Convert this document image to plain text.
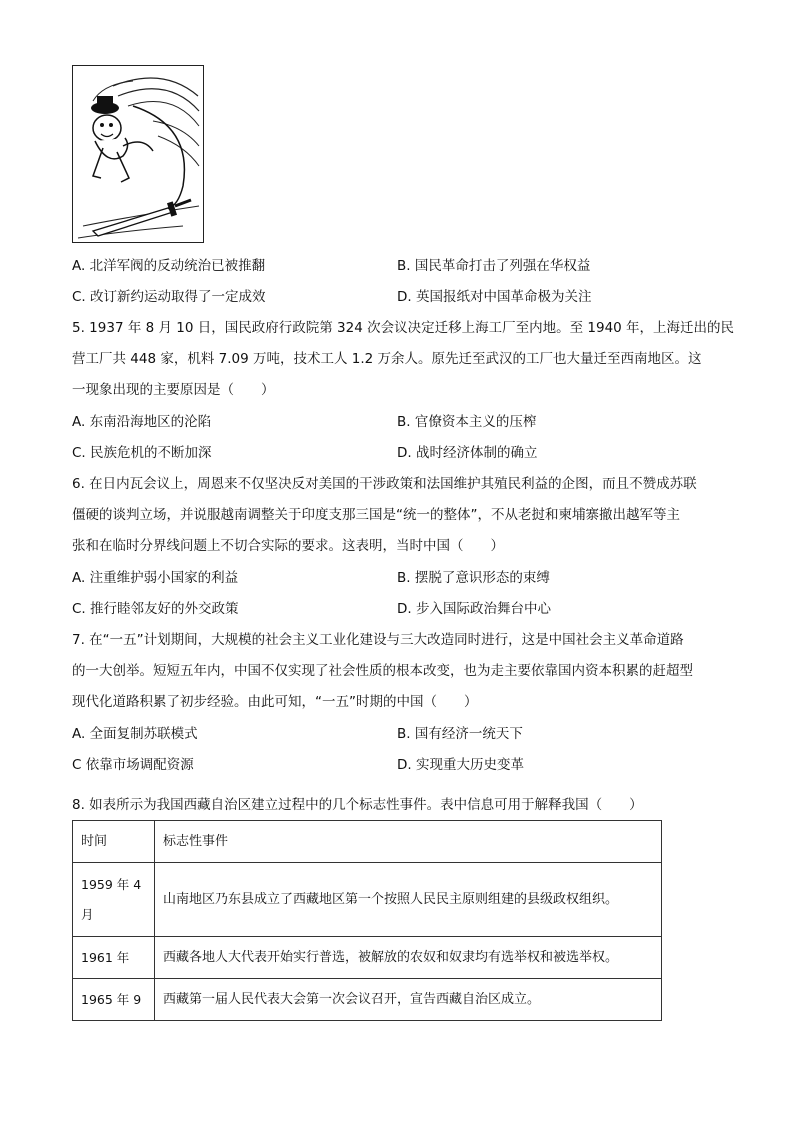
A. 北洋军阀的反动统治已被推翻	B. 国民革命打击了列强在华权益
C. 改订新约运动取得了一定成效	D. 英国报纸对中国革命极为关注
5. 1937 年 8 月 10 日，国民政府行政院第 324 次会议决定迁移上海工厂至内地。至 1940 年，上海迁出的民
营工厂共 448 家，机料 7.09 万吨，技术工人 1.2 万余人。原先迁至武汉的工厂也大量迁至西南地区。这
一现象出现的主要原因是（　　）
A. 东南沿海地区的沦陷	B. 官僚资本主义的压榨
C. 民族危机的不断加深	D. 战时经济体制的确立
6. 在日内瓦会议上，周恩来不仅坚决反对美国的干涉政策和法国维护其殖民利益的企图，而且不赞成苏联
僵硬的谈判立场，并说服越南调整关于印度支那三国是“统一的整体”，不从老挝和柬埔寨撤出越军等主
张和在临时分界线问题上不切合实际的要求。这表明，当时中国（　　）
A. 注重维护弱小国家的利益	B. 摆脱了意识形态的束缚
C. 推行睦邻友好的外交政策	D. 步入国际政治舞台中心
7. 在“一五”计划期间，大规模的社会主义工业化建设与三大改造同时进行，这是中国社会主义革命道路
的一大创举。短短五年内，中国不仅实现了社会性质的根本改变，也为走主要依靠国内资本积累的赶超型
现代化道路积累了初步经验。由此可知，“一五”时期的中国（　　）
A. 全面复制苏联模式	B. 国有经济一统天下
C 依靠市场调配资源	D. 实现重大历史变革
8. 如表所示为我国西藏自治区建立过程中的几个标志性事件。表中信息可用于解释我国（　　）
时间	标志性事件

1959 年 4
月	山南地区乃东县成立了西藏地区第一个按照人民民主原则组建的县级政权组织。
1961 年	西藏各地人大代表开始实行普选，被解放的农奴和奴隶均有选举权和被选举权。
1965 年 9	西藏第一届人民代表大会第一次会议召开，宣告西藏自治区成立。
